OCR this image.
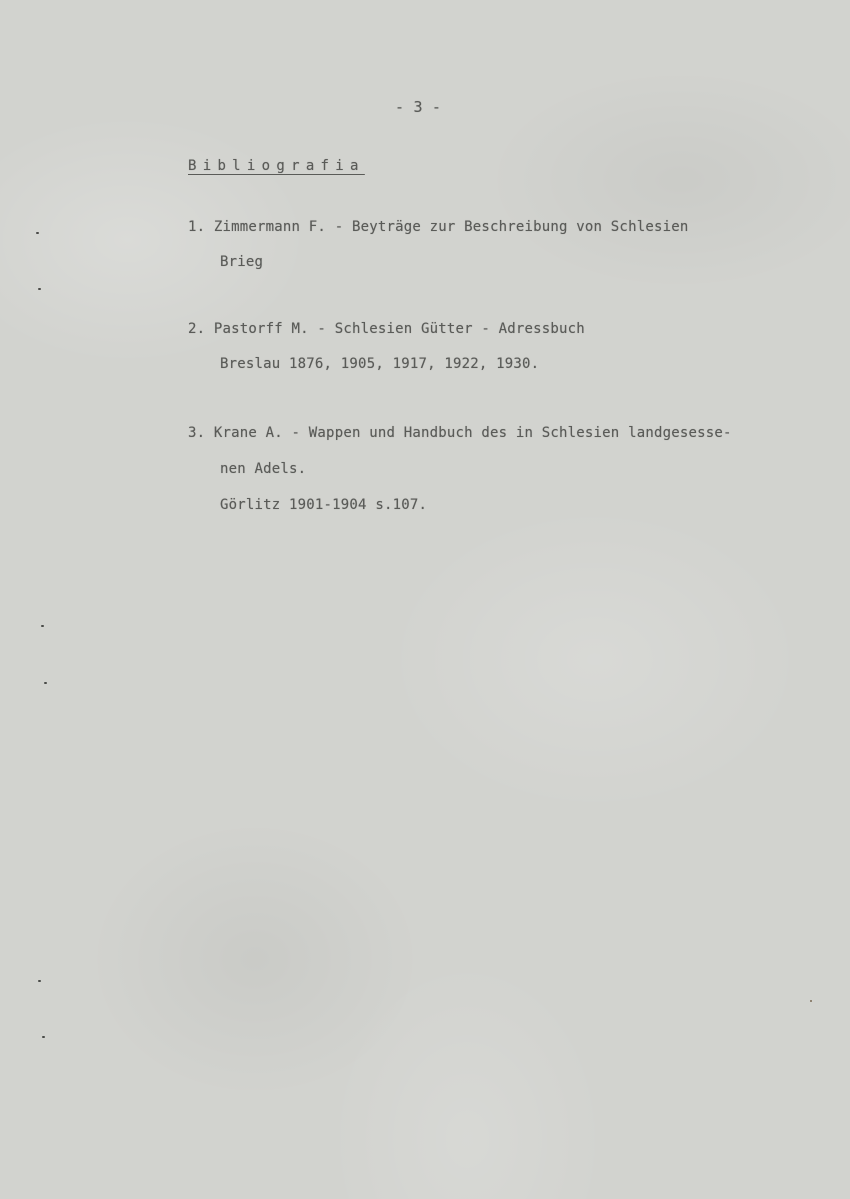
- 3 -
Bibliografia
1. Zimmermann F. - Beyträge zur Beschreibung von Schlesien
Brieg
2. Pastorff M. - Schlesien Gütter - Adressbuch
Breslau 1876, 1905, 1917, 1922, 1930.
3. Krane A. - Wappen und Handbuch des in Schlesien landgesesse-
nen Adels.
Görlitz 1901-1904 s.107.
